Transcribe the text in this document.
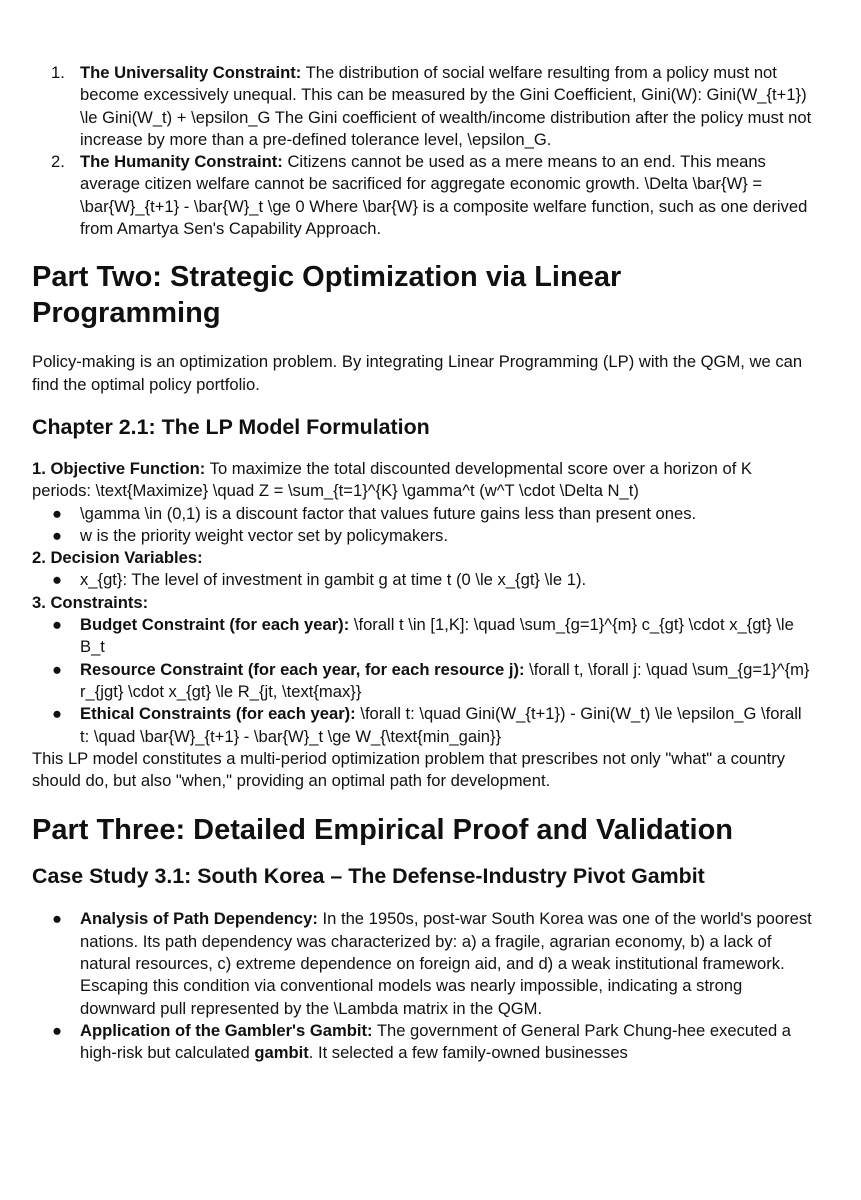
1. The Universality Constraint: The distribution of social welfare resulting from a policy must not become excessively unequal. This can be measured by the Gini Coefficient, Gini(W): Gini(W_{t+1}) \le Gini(W_t) + \epsilon_G The Gini coefficient of wealth/income distribution after the policy must not increase by more than a pre-defined tolerance level, \epsilon_G.
2. The Humanity Constraint: Citizens cannot be used as a mere means to an end. This means average citizen welfare cannot be sacrificed for aggregate economic growth. \Delta \bar{W} = \bar{W}_{t+1} - \bar{W}_t \ge 0 Where \bar{W} is a composite welfare function, such as one derived from Amartya Sen's Capability Approach.
Part Two: Strategic Optimization via Linear Programming

Policy-making is an optimization problem. By integrating Linear Programming (LP) with the QGM, we can find the optimal policy portfolio.

Chapter 2.1: The LP Model Formulation

1. Objective Function: To maximize the total discounted developmental score over a horizon of K periods: \text{Maximize} \quad Z = \sum_{t=1}^{K} \gamma^t (w^T \cdot \Delta N_t)

● \gamma \in (0,1) is a discount factor that values future gains less than present ones.
● w is the priority weight vector set by policymakers.

2. Decision Variables:

● x_{gt}: The level of investment in gambit g at time t (0 \le x_{gt} \le 1).

3. Constraints:

● Budget Constraint (for each year): \forall t \in [1,K]: \quad \sum_{g=1}^{m} c_{gt} \cdot x_{gt} \le B_t
● Resource Constraint (for each year, for each resource j): \forall t, \forall j: \quad \sum_{g=1}^{m} r_{jgt} \cdot x_{gt} \le R_{jt, \text{max}}
● Ethical Constraints (for each year): \forall t: \quad Gini(W_{t+1}) - Gini(W_t) \le \epsilon_G \forall t: \quad \bar{W}_{t+1} - \bar{W}_t \ge W_{\text{min_gain}}

This LP model constitutes a multi-period optimization problem that prescribes not only "what" a country should do, but also "when," providing an optimal path for development.

Part Three: Detailed Empirical Proof and Validation
Case Study 3.1: South Korea – The Defense-Industry Pivot Gambit
● Analysis of Path Dependency: In the 1950s, post-war South Korea was one of the world's poorest nations. Its path dependency was characterized by: a) a fragile, agrarian economy, b) a lack of natural resources, c) extreme dependence on foreign aid, and d) a weak institutional framework. Escaping this condition via conventional models was nearly impossible, indicating a strong downward pull represented by the \Lambda matrix in the QGM.
● Application of the Gambler's Gambit: The government of General Park Chung-hee executed a high-risk but calculated gambit. It selected a few family-owned businesses
